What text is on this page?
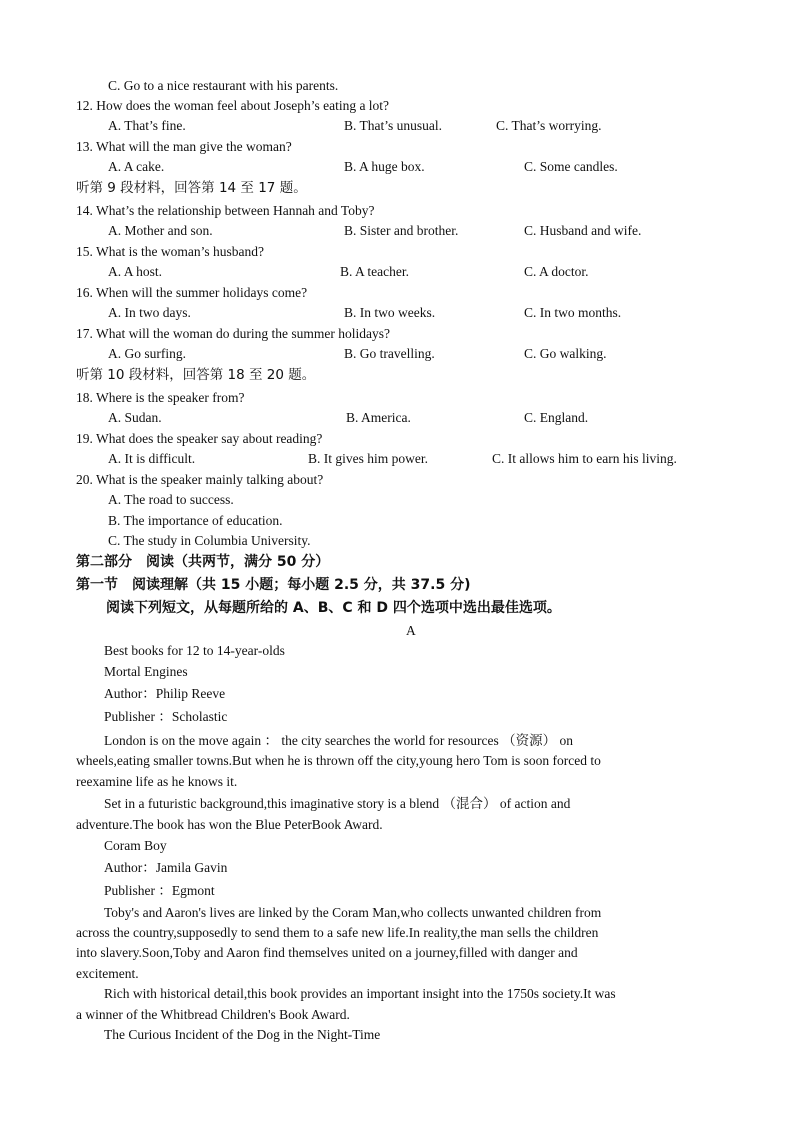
C. Go to a nice restaurant with his parents.
12. How does the woman feel about Joseph’s eating a lot?
A. That’s fine.	B. That’s unusual.	C. That’s worrying.
13. What will the man give the woman?
A. A cake.	B. A huge box.	C. Some candles.
听第 9 段材料，回答第 14 至 17 题。
14. What’s the relationship between Hannah and Toby?
A. Mother and son.	B. Sister and brother.	C. Husband and wife.
15. What is the woman’s husband?
A. A host.	B. A teacher.	C. A doctor.
16. When will the summer holidays come?
A. In two days.	B. In two weeks.	C. In two months.
17. What will the woman do during the summer holidays?
A. Go surfing.	B. Go travelling.	C. Go walking.
听第 10 段材料，回答第 18 至 20 题。
18. Where is the speaker from?
A. Sudan.	B. America.	C. England.
19. What does the speaker say about reading?
A. It is difficult.	B. It gives him power.	C. It allows him to earn his living.
20. What is the speaker mainly talking about?
A. The road to success.
B. The importance of education.
C. The study in Columbia University.
第二部分　阅读（共两节，满分 50 分）
第一节　阅读理解（共 15 小题；每小题 2.5 分，共 37.5 分)
阅读下列短文，从每题所给的 A、B、C 和 D 四个选项中选出最佳选项。
A
Best books for 12 to 14-year-olds
Mortal Engines
Author：Philip Reeve
Publisher ：Scholastic
London is on the move again ： the city searches the world for resources （资源） on
wheels,eating smaller towns.But when he is thrown off the city,young hero Tom is soon forced to
reexamine life as he knows it.
Set in a futuristic background,this imaginative story is a blend （混合） of action and
adventure.The book has won the Blue PeterBook Award.
Coram Boy
Author：Jamila Gavin
Publisher ：Egmont
Toby's and Aaron's lives are linked by the Coram Man,who collects unwanted children from
across the country,supposedly to send them to a safe new life.In reality,the man sells the children
into slavery.Soon,Toby and Aaron find themselves united on a journey,filled with danger and
excitement.
Rich with historical detail,this book provides an important insight into the 1750s society.It was
a winner of the Whitbread Children's Book Award.
The Curious Incident of the Dog in the Night-Time
